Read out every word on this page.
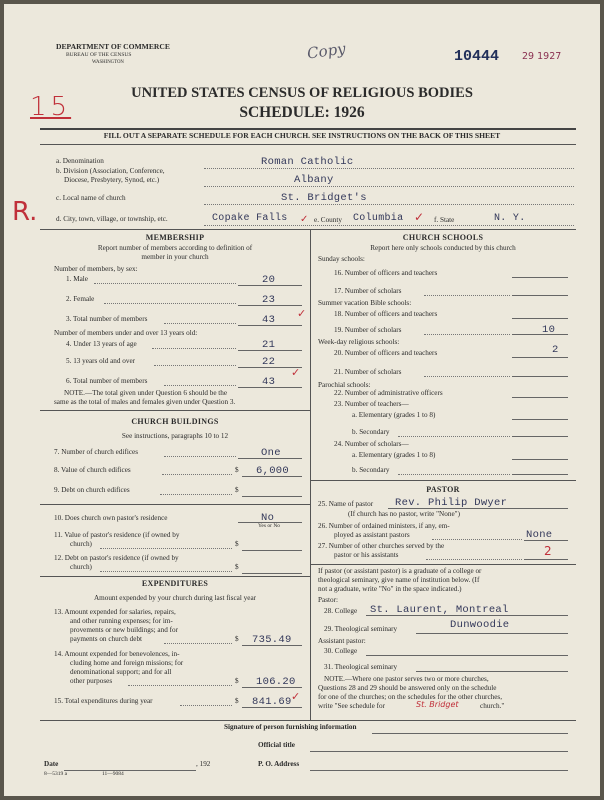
DEPARTMENT OF COMMERCE
BUREAU OF THE CENSUS
WASHINGTON	Copy	10444 29 1927
15	UNITED STATES CENSUS OF RELIGIOUS BODIES
SCHEDULE: 1926
FILL OUT A SEPARATE SCHEDULE FOR EACH CHURCH. SEE INSTRUCTIONS ON THE BACK OF THIS SHEET
a. Denomination	Roman Catholic
b. Division (Association, Conference,
Diocese, Presbytery, Synod, etc.)	Albany
c. Local name of church	St. Bridget's
R.	d. City, town, village, or township, etc.	Copake Falls ✓ e. County Columbia ✓ f. State	N. Y.
MEMBERSHIP
Report number of members according to definition of
member in your church
Number of members, by sex:
1. Male	20
2. Female	23
3. Total number of members	43 ✓
Number of members under and over 13 years old:
4. Under 13 years of age	21
5. 13 years old and over	22
6. Total number of members	43
✓
NOTE.—The total given under Question 6 should be the
same as the total of males and females given under Question 3.
CHURCH BUILDINGS
See instructions, paragraphs 10 to 12
7. Number of church edifices	One
8. Value of church edifices	$ 6,000
9. Debt on church edifices	$
10. Does church own pastor's residence	No
Yes or No
11. Value of pastor's residence (if owned by
church)	$
12. Debt on pastor's residence (if owned by
church)	$
EXPENDITURES
Amount expended by your church during last fiscal year
13. Amount expended for salaries, repairs,
and other running expenses; for im-
provements or new buildings; and for
payments on church debt	$ 735.49
14. Amount expended for benevolences, in-
cluding home and foreign missions; for
denominational support; and for all
other purposes	$ 106.20
15. Total expenditures during year	$ 841.69 ✓
CHURCH SCHOOLS
Report here only schools conducted by this church
Sunday schools:
16. Number of officers and teachers
17. Number of scholars
Summer vacation Bible schools:
18. Number of officers and teachers
19. Number of scholars	10
Week-day religious schools:
20. Number of officers and teachers	2
21. Number of scholars
Parochial schools:
22. Number of administrative officers
23. Number of teachers—
a. Elementary (grades 1 to 8)
b. Secondary
24. Number of scholars—
a. Elementary (grades 1 to 8)
b. Secondary
PASTOR
25. Name of pastor Rev. Philip Dwyer
(If church has no pastor, write "None")
26. Number of ordained ministers, if any, em-
ployed as assistant pastors	None
27. Number of other churches served by the
pastor or his assistants	2
If pastor (or assistant pastor) is a graduate of a college or
theological seminary, give name of institution below. (If
not a graduate, write "No" in the space indicated.)
Pastor:
28. College St. Laurent, Montreal
29. Theological seminary	Dunwoodie
Assistant pastor:
30. College
31. Theological seminary
NOTE.—Where one pastor serves two or more churches,
Questions 28 and 29 should be answered only on the schedule
for one of the churches; on the schedules for the other churches,
write "See schedule for	St. Bridget	church."
Signature of person furnishing information
Official title
Date	, 192	P. O. Address
8—5319 a	11—9084
